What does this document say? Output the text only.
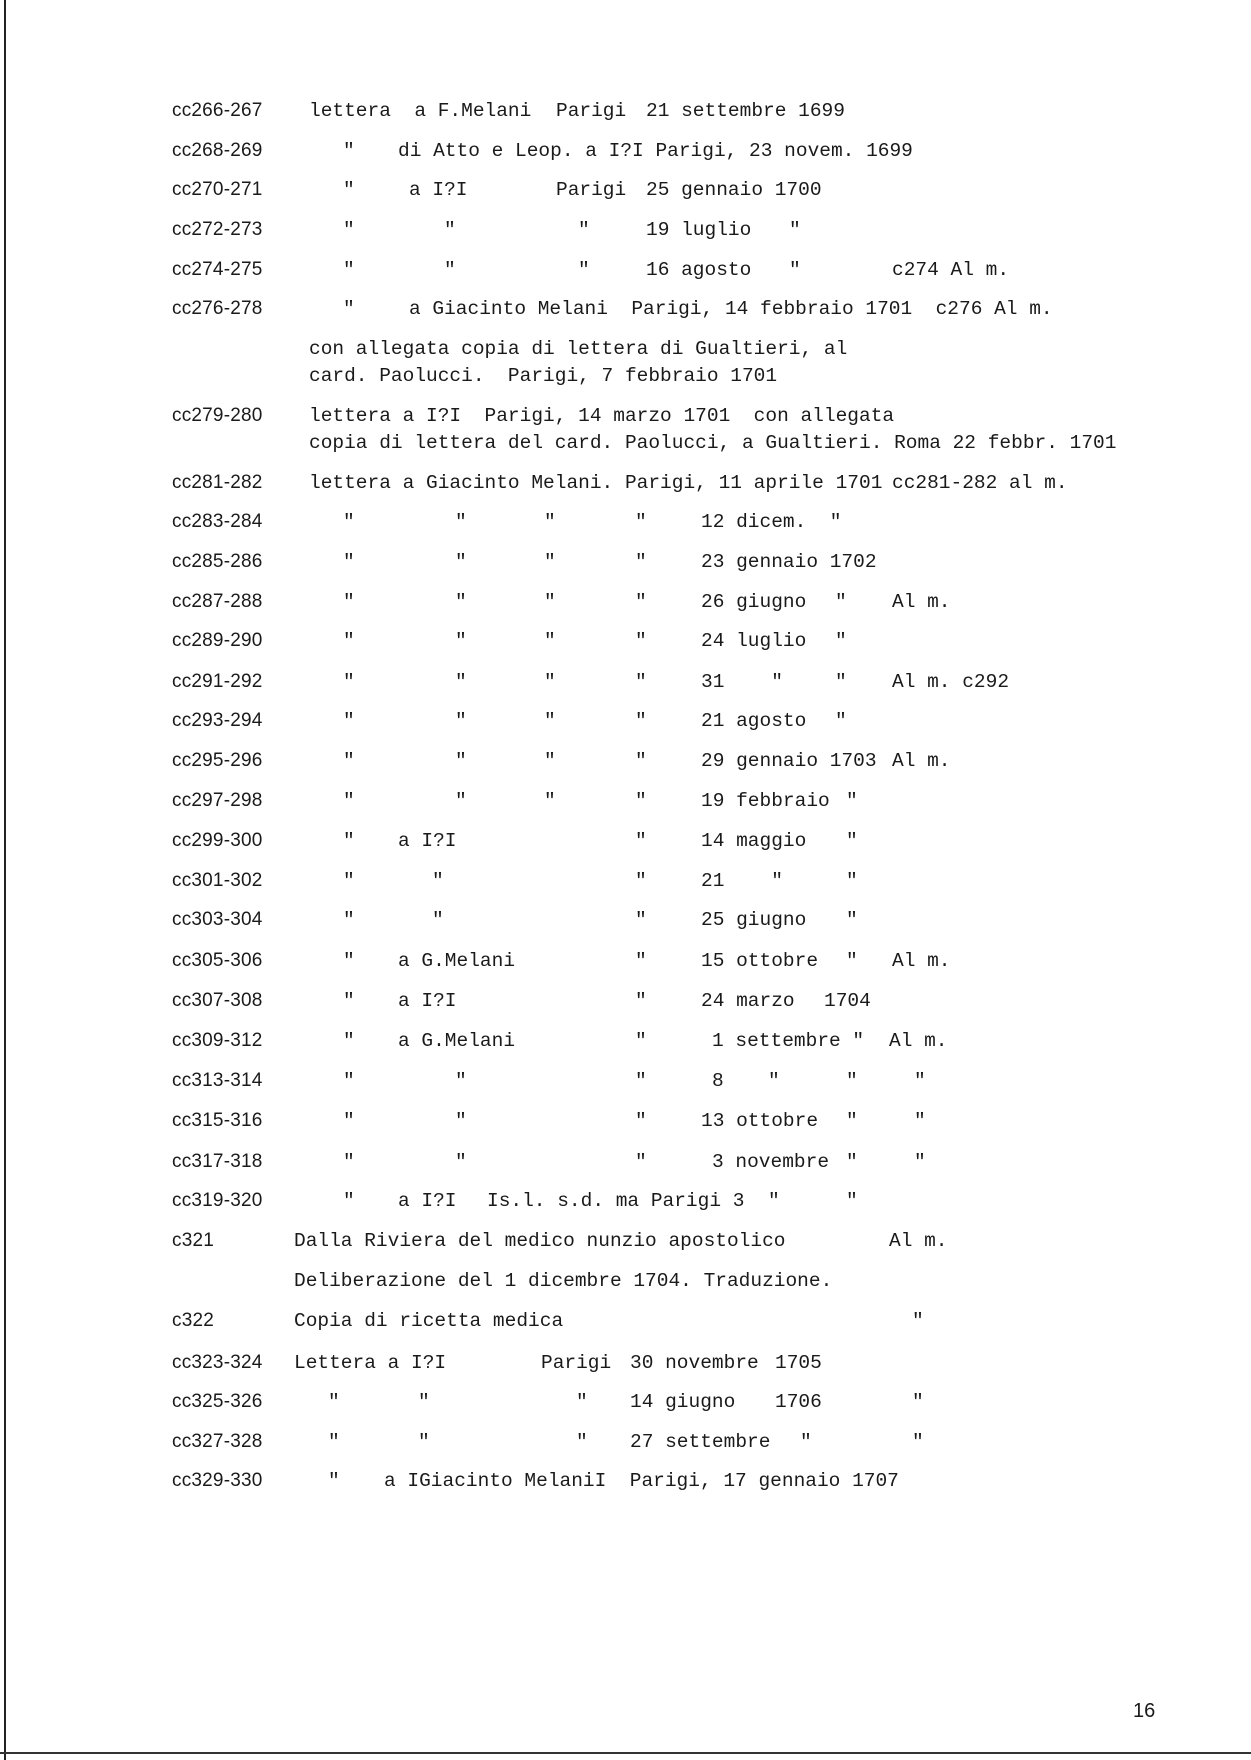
cc266-267 lettera  a F.Melani Parigi 21 settembre 1699
cc268-269	" di Atto e Leop. a I?I Parigi, 23 novem. 1699
cc270-271	"	a I?I	Parigi 25 gennaio 1700
cc272-273	"	"	"	19 luglio "
cc274-275	"	"	"	16 agosto "	c274 Al m.
cc276-278	"	a Giacinto Melani  Parigi, 14 febbraio 1701  c276 Al m.
con allegata copia di lettera di Gualtieri, al
card. Paolucci.  Parigi, 7 febbraio 1701
cc279-280 lettera a I?I  Parigi, 14 marzo 1701  con allegata
copia di lettera del card. Paolucci, a Gualtieri. Roma 22 febbr. 1701
cc281-282 lettera a Giacinto Melani. Parigi, 11 aprile 1701 cc281-282 al m.
cc283-284	"	"	"	"	12 dicem.  "
cc285-286	"	"	"	"	23 gennaio 1702
cc287-288	"	"	"	"	26 giugno " Al m.
cc289-290	"	"	"	"	24 luglio "
cc291-292	"	"	"	"	31    "	" Al m. c292
cc293-294	"	"	"	"	21 agosto "
cc295-296	"	"	"	"	29 gennaio 1703 Al m.
cc297-298	"	"	"	"	19 febbraio "
cc299-300	" a I?I	"	14 maggio "
cc301-302	"	"	"	21    "	"
cc303-304	"	"	"	25 giugno "
cc305-306	" a G.Melani	"	15 ottobre " Al m.
cc307-308	" a I?I	"	24 marzo 1704
cc309-312	" a G.Melani	"	1 settembre " Al m.
cc313-314	"	"	"	8 "	"	"
cc315-316	"	"	"	13 ottobre "	"
cc317-318	"	"	"	3 novembre "	"
cc319-320	" a I?I Is.l. s.d. ma Parigi 3 "	"
c321	Dalla Riviera del medico nunzio apostolico	Al m.
Deliberazione del 1 dicembre 1704. Traduzione.
c322	Copia di ricetta medica	"
cc323-324 Lettera a I?I	Parigi 30 novembre 1705
cc325-326	"	"	" 14 giugno 1706	"
cc327-328	"	"	" 27 settembre "	"
cc329-330	" a IGiacinto MelaniI  Parigi, 17 gennaio 1707
16
